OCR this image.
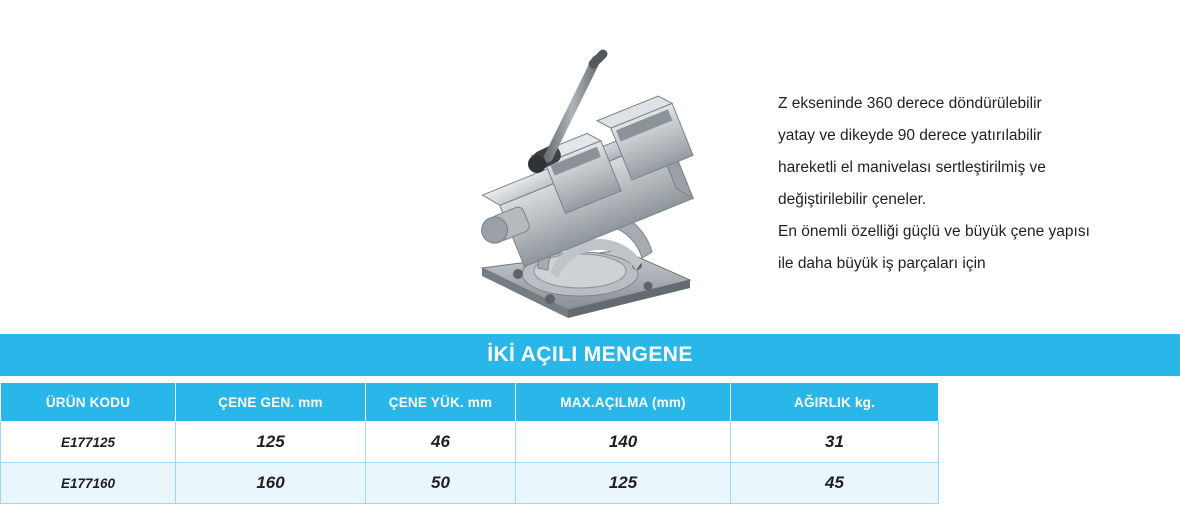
Z ekseninde 360 derece döndürülebilir

yatay ve dikeyde 90 derece yatırılabilir

hareketli el manivelası sertleştirilmiş ve

değiştirilebilir çeneler.

En önemli özelliği güçlü ve büyük çene yapısı

ile daha büyük iş parçaları için

İKİ AÇILI MENGENE
ÜRÜN KODU	ÇENE GEN. mm	ÇENE YÜK. mm	MAX.AÇILMA (mm)	AĞIRLIK kg.
E177125	125	46	140	31
E177160	160	50	125	45
